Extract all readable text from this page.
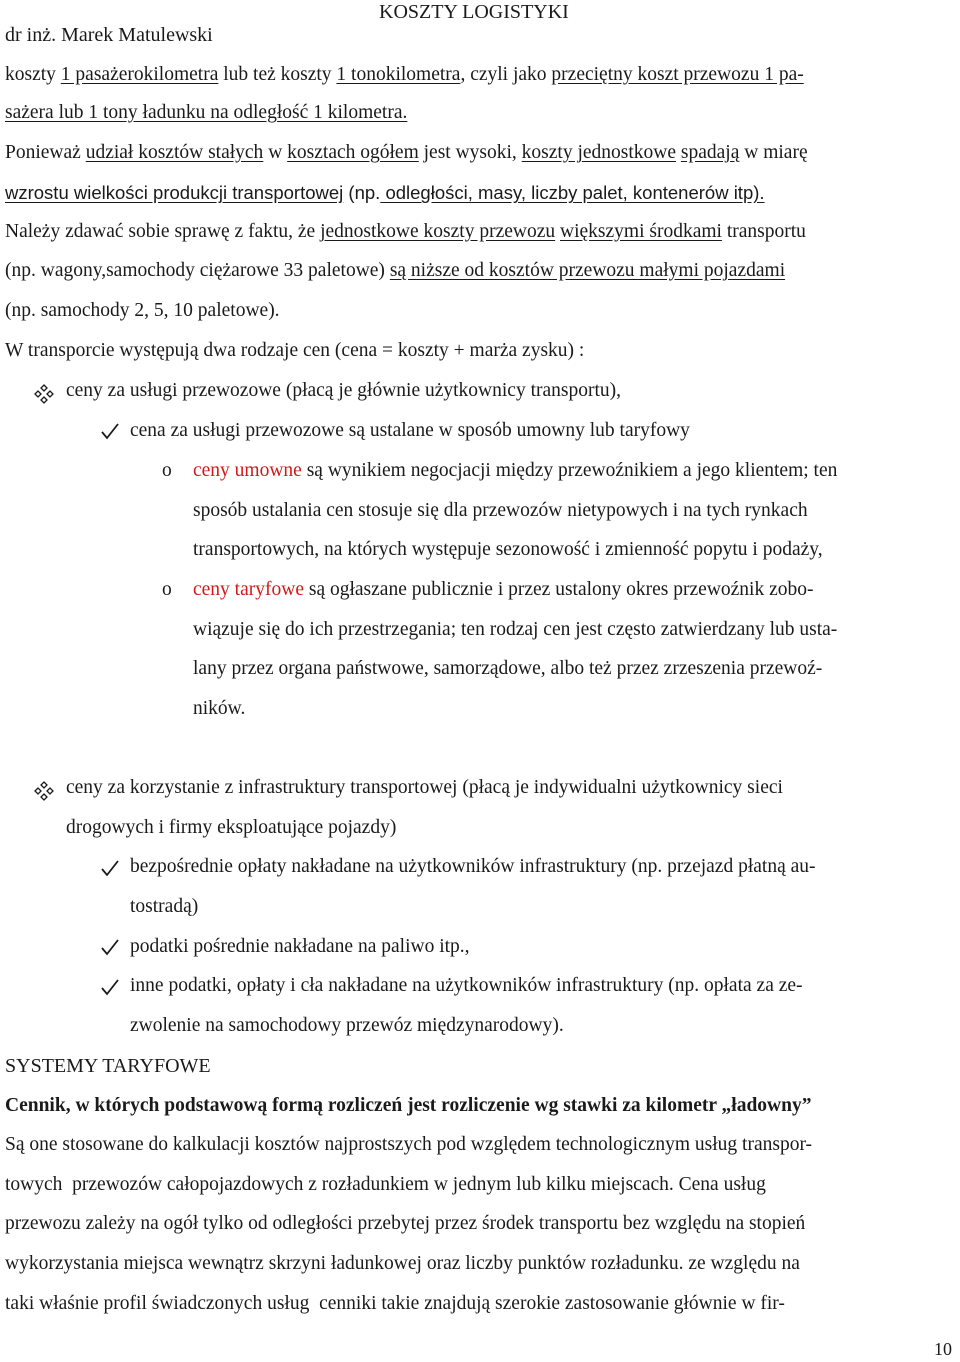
KOSZTY LOGISTYKI
dr inż. Marek Matulewski
koszty 1 pasażerokilometra lub też koszty 1 tonokilometra, czyli jako przeciętny koszt przewozu 1 pa-
sażera lub 1 tony ładunku na odległość 1 kilometra.
Ponieważ udział kosztów stałych w kosztach ogółem jest wysoki, koszty jednostkowe spadają w miarę
wzrostu wielkości produkcji transportowej (np. odległości, masy, liczby palet, kontenerów itp).
Należy zdawać sobie sprawę z faktu, że jednostkowe koszty przewozu większymi środkami transportu
(np. wagony,samochody ciężarowe 33 paletowe) są niższe od kosztów przewozu małymi pojazdami
(np. samochody 2, 5, 10 paletowe).
W transporcie występują dwa rodzaje cen (cena = koszty + marża zysku) :
ceny za usługi przewozowe (płacą je głównie użytkownicy transportu),
cena za usługi przewozowe są ustalane w sposób umowny lub taryfowy
o ceny umowne są wynikiem negocjacji między przewoźnikiem a jego klientem; ten
sposób ustalania cen stosuje się dla przewozów nietypowych i na tych rynkach
transportowych, na których występuje sezonowość i zmienność popytu i podaży,
o ceny taryfowe są ogłaszane publicznie i przez ustalony okres przewoźnik zobo-
wiązuje się do ich przestrzegania; ten rodzaj cen jest często zatwierdzany lub usta-
lany przez organa państwowe, samorządowe, albo też przez zrzeszenia przewoź-
ników.
ceny za korzystanie z infrastruktury transportowej (płacą je indywidualni użytkownicy sieci
drogowych i firmy eksploatujące pojazdy)
bezpośrednie opłaty nakładane na użytkowników infrastruktury (np. przejazd płatną au-
tostradą)
podatki pośrednie nakładane na paliwo itp.,
inne podatki, opłaty i cła nakładane na użytkowników infrastruktury (np. opłata za ze-
zwolenie na samochodowy przewóz międzynarodowy).
SYSTEMY TARYFOWE
Cennik, w których podstawową formą rozliczeń jest rozliczenie wg stawki za kilometr „ładowny”
Są one stosowane do kalkulacji kosztów najprostszych pod względem technologicznym usług transpor-
towych  przewozów całopojazdowych z rozładunkiem w jednym lub kilku miejscach. Cena usług
przewozu zależy na ogół tylko od odległości przebytej przez środek transportu bez względu na stopień
wykorzystania miejsca wewnątrz skrzyni ładunkowej oraz liczby punktów rozładunku. ze względu na
taki właśnie profil świadczonych usług  cenniki takie znajdują szerokie zastosowanie głównie w fir-
10
